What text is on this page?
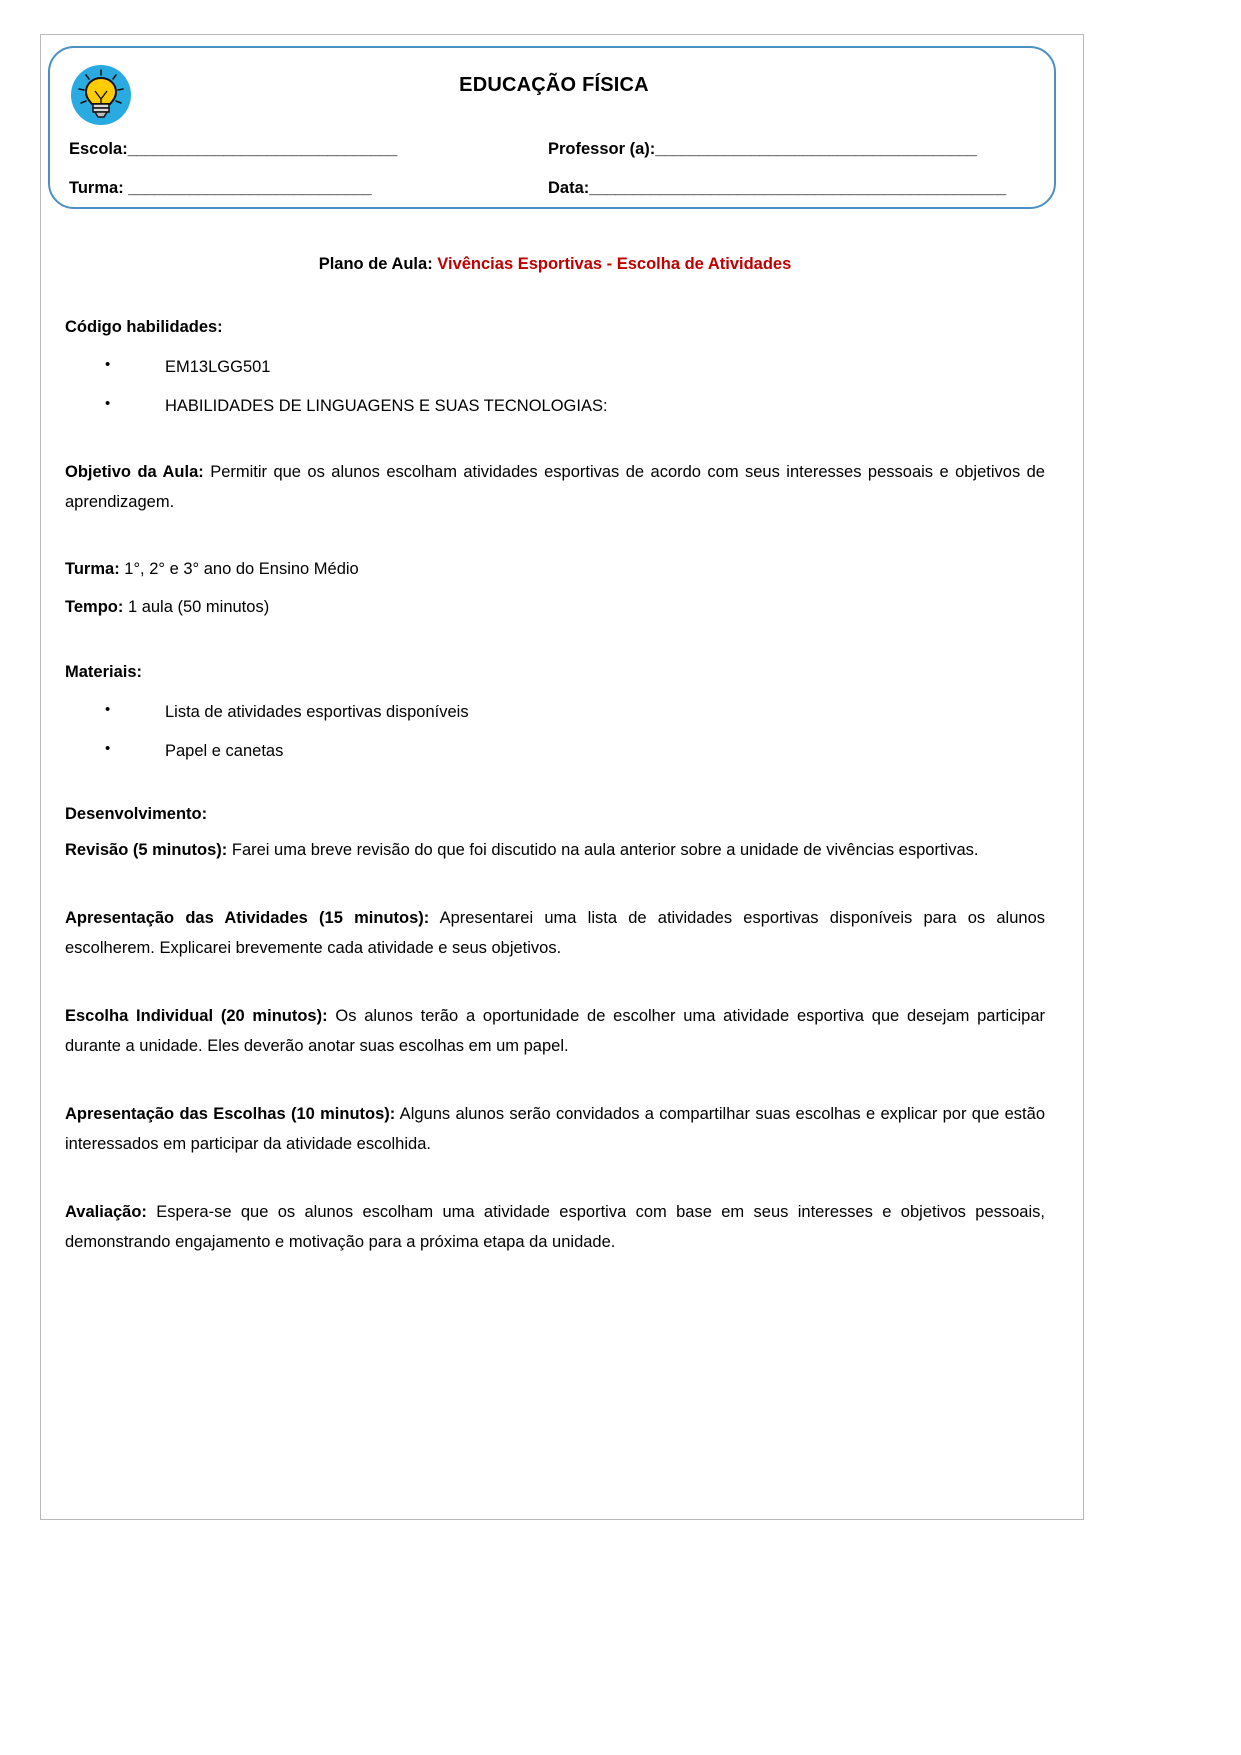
EDUCAÇÃO FÍSICA
Escola:_______________________________	Professor (a):_____________________________________
Turma: ____________________________	Data:________________________________________________
Plano de Aula: Vivências Esportivas - Escolha de Atividades
Código habilidades:
• EM13LGG501
• HABILIDADES DE LINGUAGENS E SUAS TECNOLOGIAS:

Objetivo da Aula: Permitir que os alunos escolham atividades esportivas de acordo com seus interesses pessoais e objetivos de aprendizagem.

Turma: 1°, 2° e 3° ano do Ensino Médio

Tempo: 1 aula (50 minutos)

Materiais:
• Lista de atividades esportivas disponíveis
• Papel e canetas
Desenvolvimento:

Revisão (5 minutos): Farei uma breve revisão do que foi discutido na aula anterior sobre a unidade de vivências esportivas.

Apresentação das Atividades (15 minutos): Apresentarei uma lista de atividades esportivas disponíveis para os alunos escolherem. Explicarei brevemente cada atividade e seus objetivos.

Escolha Individual (20 minutos): Os alunos terão a oportunidade de escolher uma atividade esportiva que desejam participar durante a unidade. Eles deverão anotar suas escolhas em um papel.

Apresentação das Escolhas (10 minutos): Alguns alunos serão convidados a compartilhar suas escolhas e explicar por que estão interessados em participar da atividade escolhida.

Avaliação: Espera-se que os alunos escolham uma atividade esportiva com base em seus interesses e objetivos pessoais, demonstrando engajamento e motivação para a próxima etapa da unidade.
